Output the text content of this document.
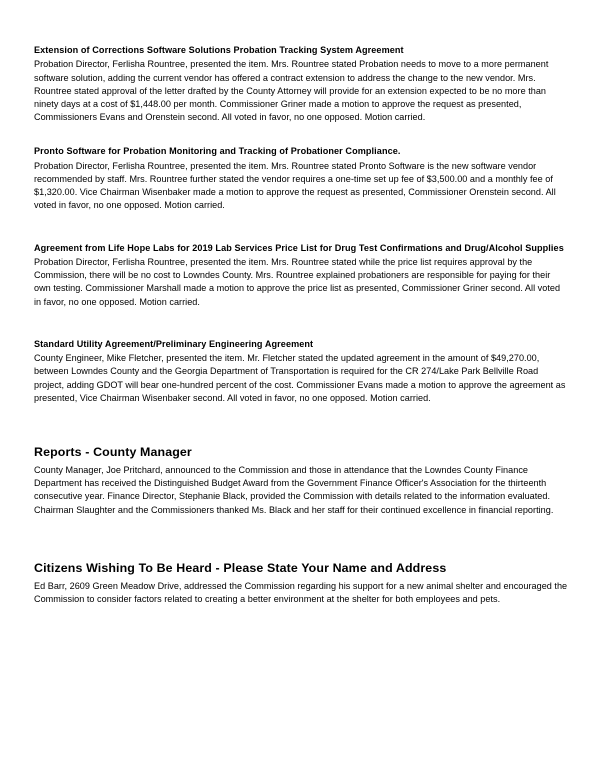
Extension of Corrections Software Solutions Probation Tracking System Agreement

Probation Director, Ferlisha Rountree, presented the item. Mrs. Rountree stated Probation needs to move to a more permanent software solution, adding the current vendor has offered a contract extension to address the change to the new vendor. Mrs. Rountree stated approval of the letter drafted by the County Attorney will provide for an extension expected to be no more than ninety days at a cost of $1,448.00 per month. Commissioner Griner made a motion to approve the request as presented, Commissioners Evans and Orenstein second. All voted in favor, no one opposed. Motion carried.

Pronto Software for Probation Monitoring and Tracking of Probationer Compliance.

Probation Director, Ferlisha Rountree, presented the item. Mrs. Rountree stated Pronto Software is the new software vendor recommended by staff. Mrs. Rountree further stated the vendor requires a one-time set up fee of $3,500.00 and a monthly fee of $1,320.00. Vice Chairman Wisenbaker made a motion to approve the request as presented, Commissioner Orenstein second. All voted in favor, no one opposed. Motion carried.

Agreement from Life Hope Labs for 2019 Lab Services Price List for Drug Test Confirmations and Drug/Alcohol Supplies

Probation Director, Ferlisha Rountree, presented the item. Mrs. Rountree stated while the price list requires approval by the Commission, there will be no cost to Lowndes County. Mrs. Rountree explained probationers are responsible for paying for their own testing. Commissioner Marshall made a motion to approve the price list as presented, Commissioner Griner second. All voted in favor, no one opposed. Motion carried.

Standard Utility Agreement/Preliminary Engineering Agreement

County Engineer, Mike Fletcher, presented the item. Mr. Fletcher stated the updated agreement in the amount of $49,270.00, between Lowndes County and the Georgia Department of Transportation is required for the CR 274/Lake Park Bellville Road project, adding GDOT will bear one-hundred percent of the cost. Commissioner Evans made a motion to approve the agreement as presented, Vice Chairman Wisenbaker second. All voted in favor, no one opposed. Motion carried.

Reports - County Manager

County Manager, Joe Pritchard, announced to the Commission and those in attendance that the Lowndes County Finance Department has received the Distinguished Budget Award from the Government Finance Officer's Association for the thirteenth consecutive year. Finance Director, Stephanie Black, provided the Commission with details related to the information evaluated. Chairman Slaughter and the Commissioners thanked Ms. Black and her staff for their continued excellence in financial reporting.

Citizens Wishing To Be Heard - Please State Your Name and Address

Ed Barr, 2609 Green Meadow Drive, addressed the Commission regarding his support for a new animal shelter and encouraged the Commission to consider factors related to creating a better environment at the shelter for both employees and pets.
